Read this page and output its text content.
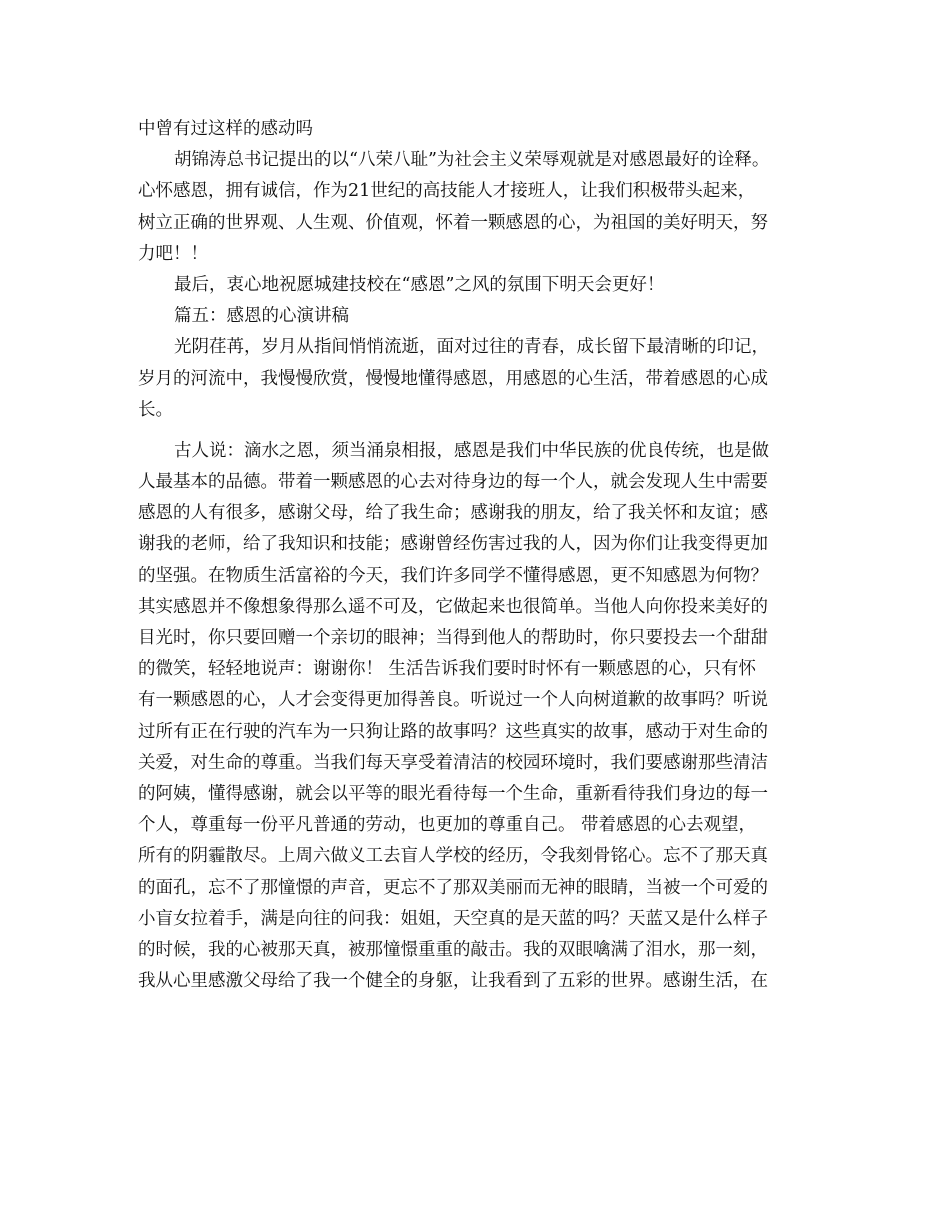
中曾有过这样的感动吗
胡锦涛总书记提出的以“八荣八耻”为社会主义荣辱观就是对感恩最好的诠释。
心怀感恩，拥有诚信，作为21世纪的高技能人才接班人，让我们积极带头起来，
树立正确的世界观、人生观、价值观，怀着一颗感恩的心，为祖国的美好明天，努
力吧！！
最后，衷心地祝愿城建技校在“感恩”之风的氛围下明天会更好！
篇五：感恩的心演讲稿
光阴荏苒，岁月从指间悄悄流逝，面对过往的青春，成长留下最清晰的印记，
岁月的河流中，我慢慢欣赏，慢慢地懂得感恩，用感恩的心生活，带着感恩的心成
长。
古人说：滴水之恩，须当涌泉相报，感恩是我们中华民族的优良传统，也是做
人最基本的品德。带着一颗感恩的心去对待身边的每一个人，就会发现人生中需要
感恩的人有很多，感谢父母，给了我生命；感谢我的朋友，给了我关怀和友谊；感
谢我的老师，给了我知识和技能；感谢曾经伤害过我的人，因为你们让我变得更加
的坚强。在物质生活富裕的今天，我们许多同学不懂得感恩，更不知感恩为何物？
其实感恩并不像想象得那么遥不可及，它做起来也很简单。当他人向你投来美好的
目光时，你只要回赠一个亲切的眼神；当得到他人的帮助时，你只要投去一个甜甜
的微笑，轻轻地说声：谢谢你！ 生活告诉我们要时时怀有一颗感恩的心，只有怀
有一颗感恩的心，人才会变得更加得善良。听说过一个人向树道歉的故事吗？听说
过所有正在行驶的汽车为一只狗让路的故事吗？这些真实的故事，感动于对生命的
关爱，对生命的尊重。当我们每天享受着清洁的校园环境时，我们要感谢那些清洁
的阿姨，懂得感谢，就会以平等的眼光看待每一个生命，重新看待我们身边的每一
个人，尊重每一份平凡普通的劳动，也更加的尊重自己。 带着感恩的心去观望，
所有的阴霾散尽。上周六做义工去盲人学校的经历，令我刻骨铭心。忘不了那天真
的面孔，忘不了那憧憬的声音，更忘不了那双美丽而无神的眼睛，当被一个可爱的
小盲女拉着手，满是向往的问我：姐姐，天空真的是天蓝的吗？天蓝又是什么样子
的时候，我的心被那天真，被那憧憬重重的敲击。我的双眼噙满了泪水，那一刻，
我从心里感激父母给了我一个健全的身躯，让我看到了五彩的世界。感谢生活，在
